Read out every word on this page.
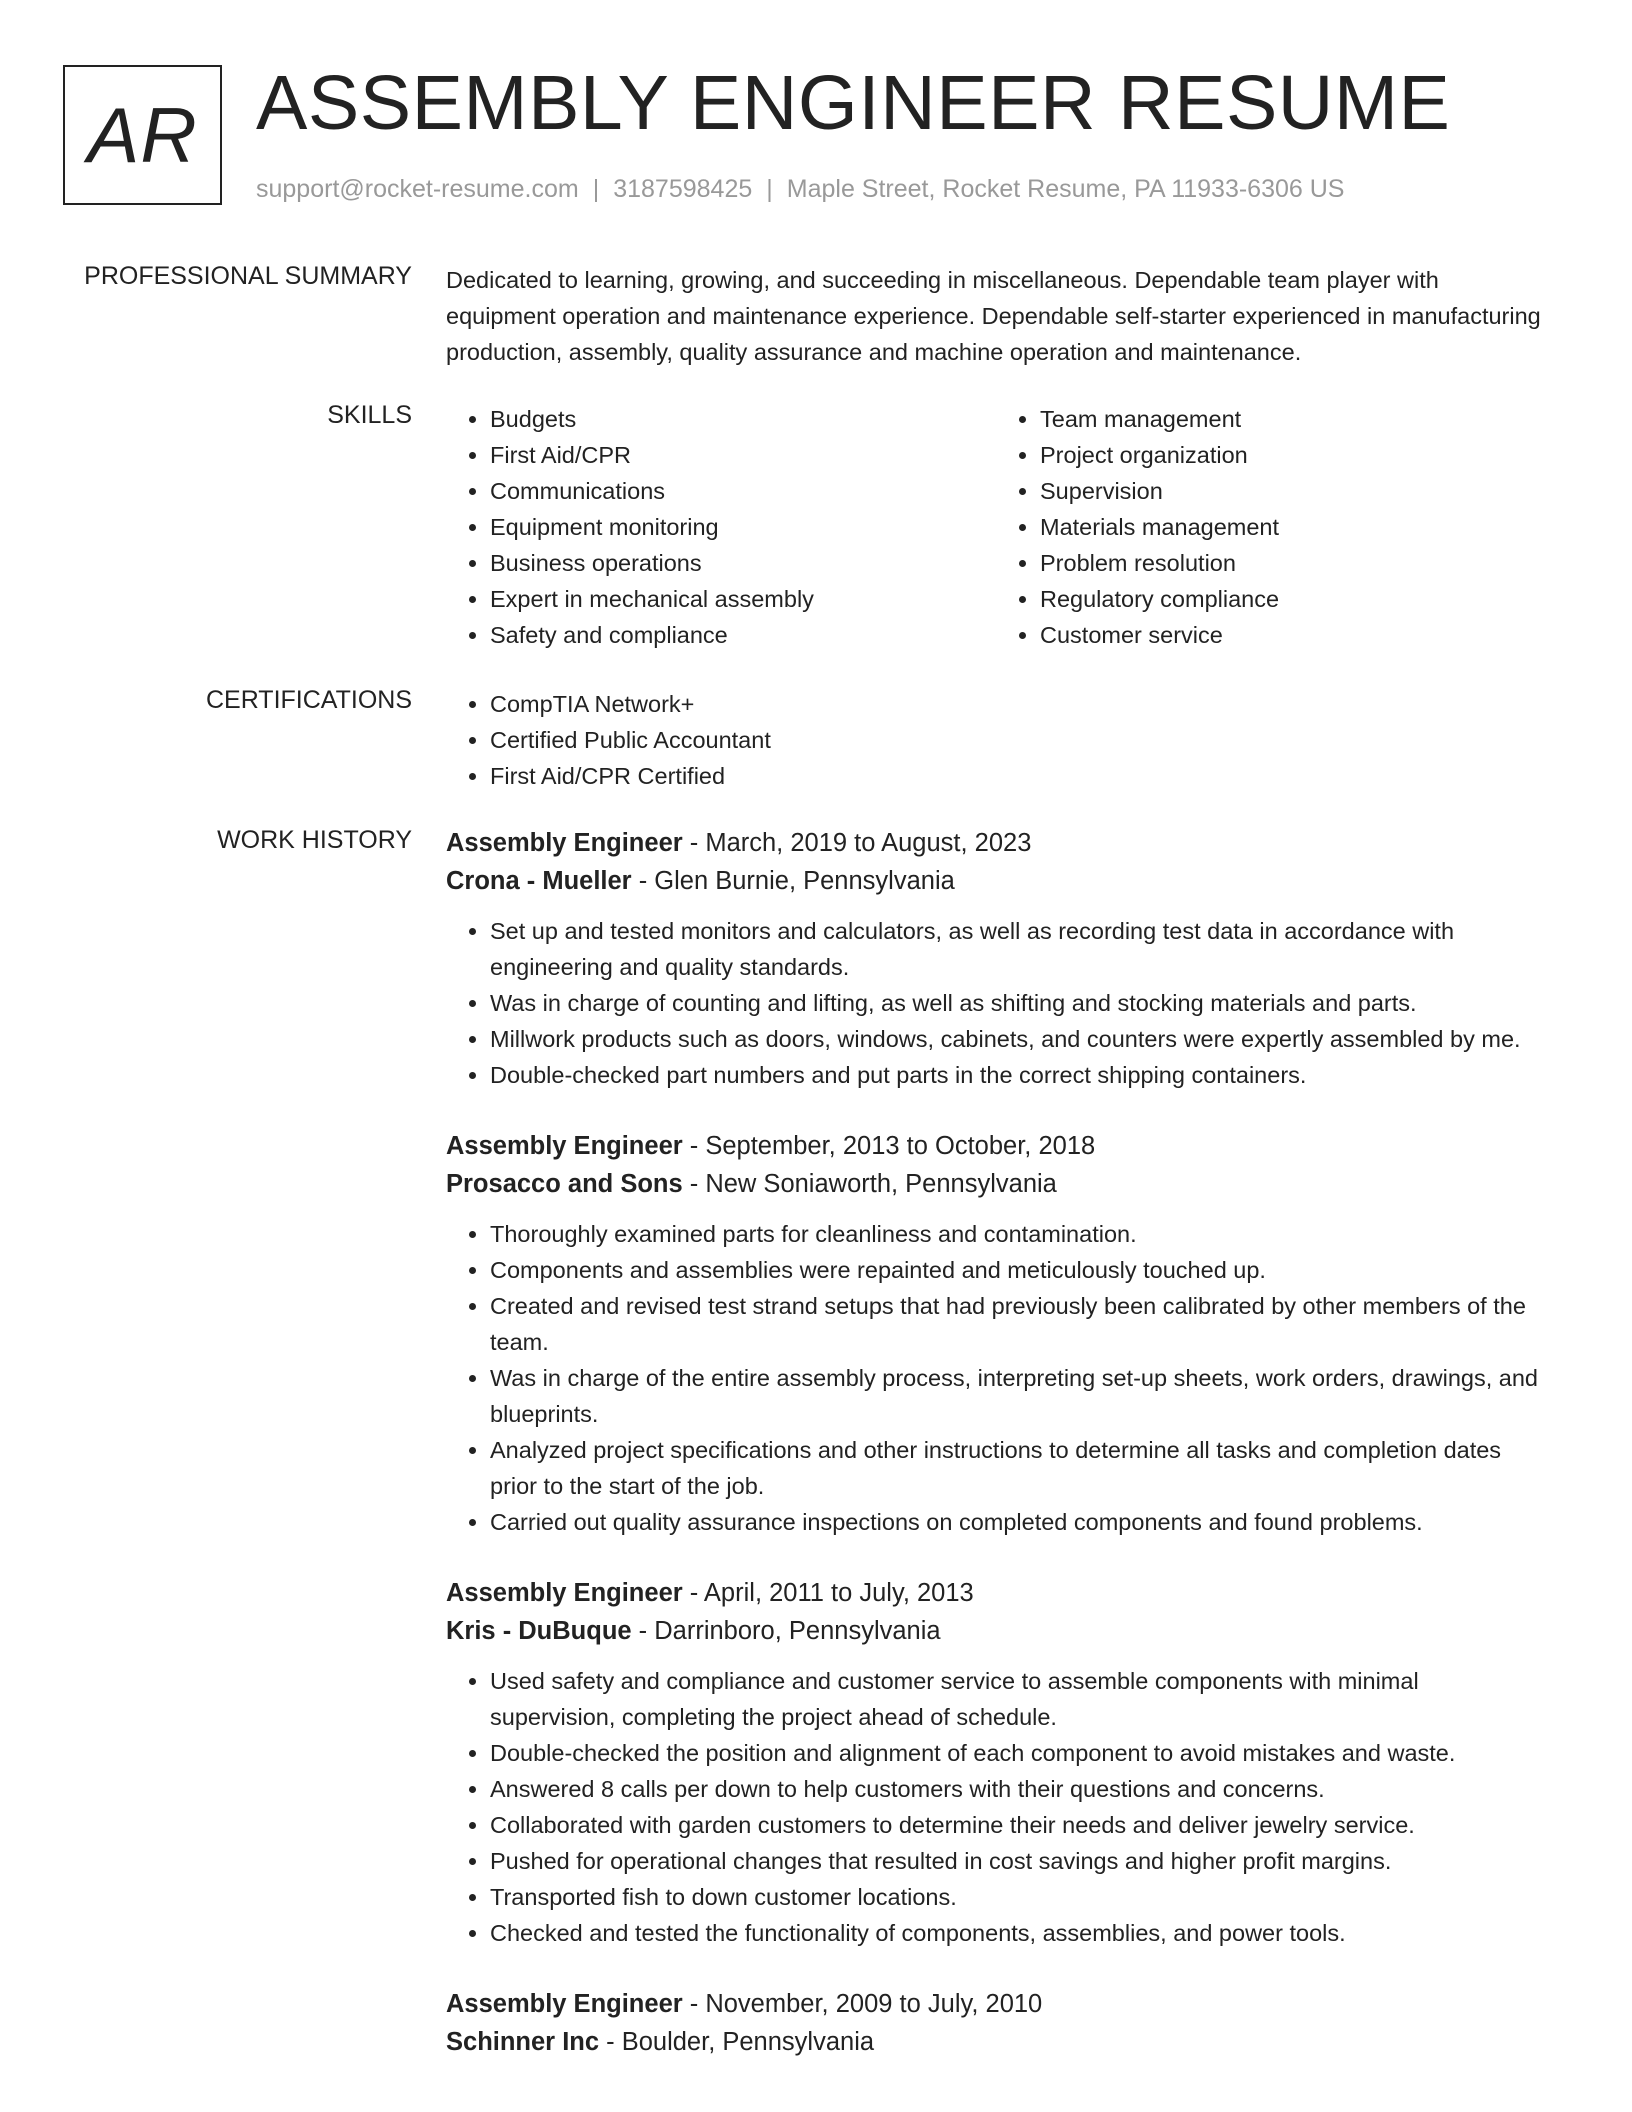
AR ASSEMBLY ENGINEER RESUME
support@rocket-resume.com | 3187598425 | Maple Street, Rocket Resume, PA 11933-6306 US
PROFESSIONAL SUMMARY Dedicated to learning, growing, and succeeding in miscellaneous. Dependable team player with equipment operation and maintenance experience. Dependable self-starter experienced in manufacturing production, assembly, quality assurance and machine operation and maintenance.

SKILLS	• Budgets
• First Aid/CPR
• Communications
• Equipment monitoring
• Business operations
• Expert in mechanical assembly
• Safety and compliance
• Team management
• Project organization
• Supervision
• Materials management
• Problem resolution
• Regulatory compliance
• Customer service
CERTIFICATIONS	• CompTIA Network+
• Certified Public Accountant
• First Aid/CPR Certified
WORK HISTORY Assembly Engineer - March, 2019 to August, 2023
Crona - Mueller - Glen Burnie, Pennsylvania
• Set up and tested monitors and calculators, as well as recording test data in accordance with engineering and quality standards.
• Was in charge of counting and lifting, as well as shifting and stocking materials and parts.
• Millwork products such as doors, windows, cabinets, and counters were expertly assembled by me.
• Double-checked part numbers and put parts in the correct shipping containers.
Assembly Engineer - September, 2013 to October, 2018
Prosacco and Sons - New Soniaworth, Pennsylvania
• Thoroughly examined parts for cleanliness and contamination.
• Components and assemblies were repainted and meticulously touched up.
• Created and revised test strand setups that had previously been calibrated by other members of the team.
• Was in charge of the entire assembly process, interpreting set-up sheets, work orders, drawings, and blueprints.
• Analyzed project specifications and other instructions to determine all tasks and completion dates prior to the start of the job.
• Carried out quality assurance inspections on completed components and found problems.
Assembly Engineer - April, 2011 to July, 2013
Kris - DuBuque - Darrinboro, Pennsylvania
• Used safety and compliance and customer service to assemble components with minimal supervision, completing the project ahead of schedule.
• Double-checked the position and alignment of each component to avoid mistakes and waste.
• Answered 8 calls per down to help customers with their questions and concerns.
• Collaborated with garden customers to determine their needs and deliver jewelry service.
• Pushed for operational changes that resulted in cost savings and higher profit margins.
• Transported fish to down customer locations.
• Checked and tested the functionality of components, assemblies, and power tools.
Assembly Engineer - November, 2009 to July, 2010
Schinner Inc - Boulder, Pennsylvania
